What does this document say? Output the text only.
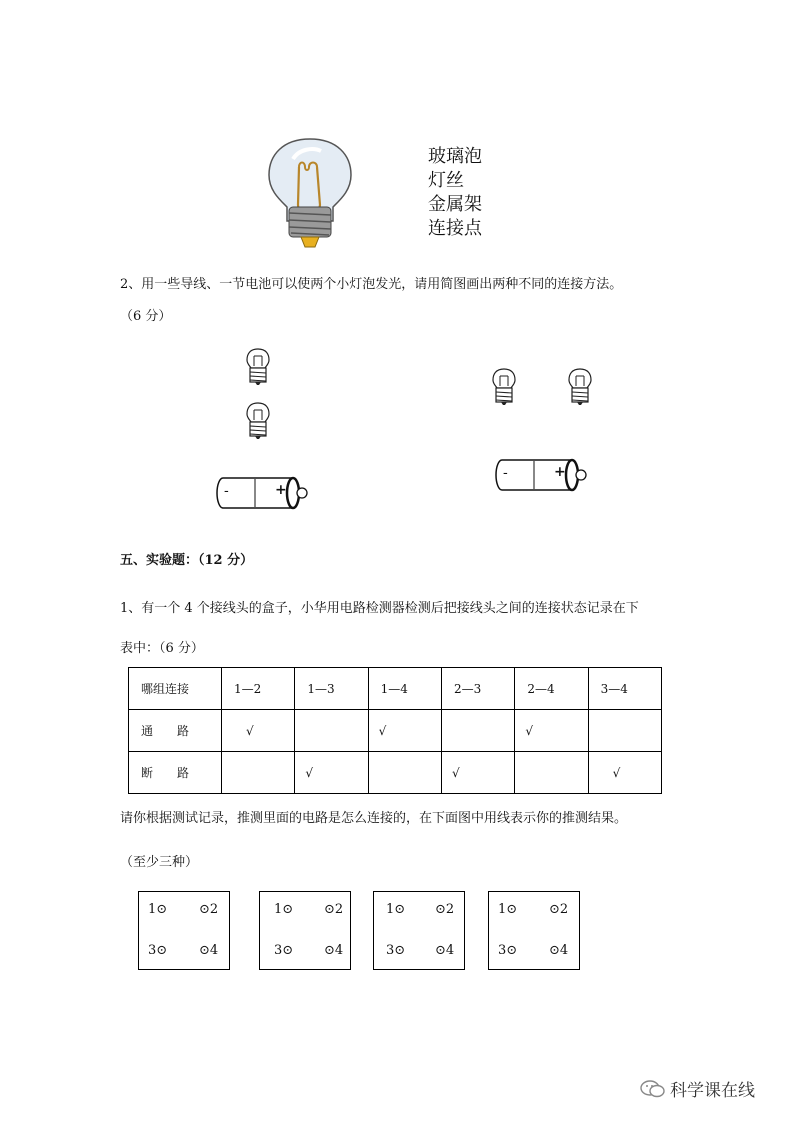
玻璃泡
灯丝
金属架
连接点
2、用一些导线、一节电池可以使两个小灯泡发光，请用简图画出两种不同的连接方法。
（6 分）
-	+
-	+
五、实验题：（12 分）
1、有一个 4 个接线头的盒子，小华用电路检测器检测后把接线头之间的连接状态记录在下
表中：（6 分）
哪组连接	1—2	1—3	1—4	2—3	2—4	3—4
通　　路	√		√		√	
断　　路		√		√		√
请你根据测试记录，推测里面的电路是怎么连接的，在下面图中用线表示你的推测结果。
（至少三种）
1⊙ ⊙2
3⊙ ⊙4
1⊙ ⊙2
3⊙ ⊙4
1⊙ ⊙2
3⊙ ⊙4
1⊙ ⊙2
3⊙ ⊙4
科学课在线
